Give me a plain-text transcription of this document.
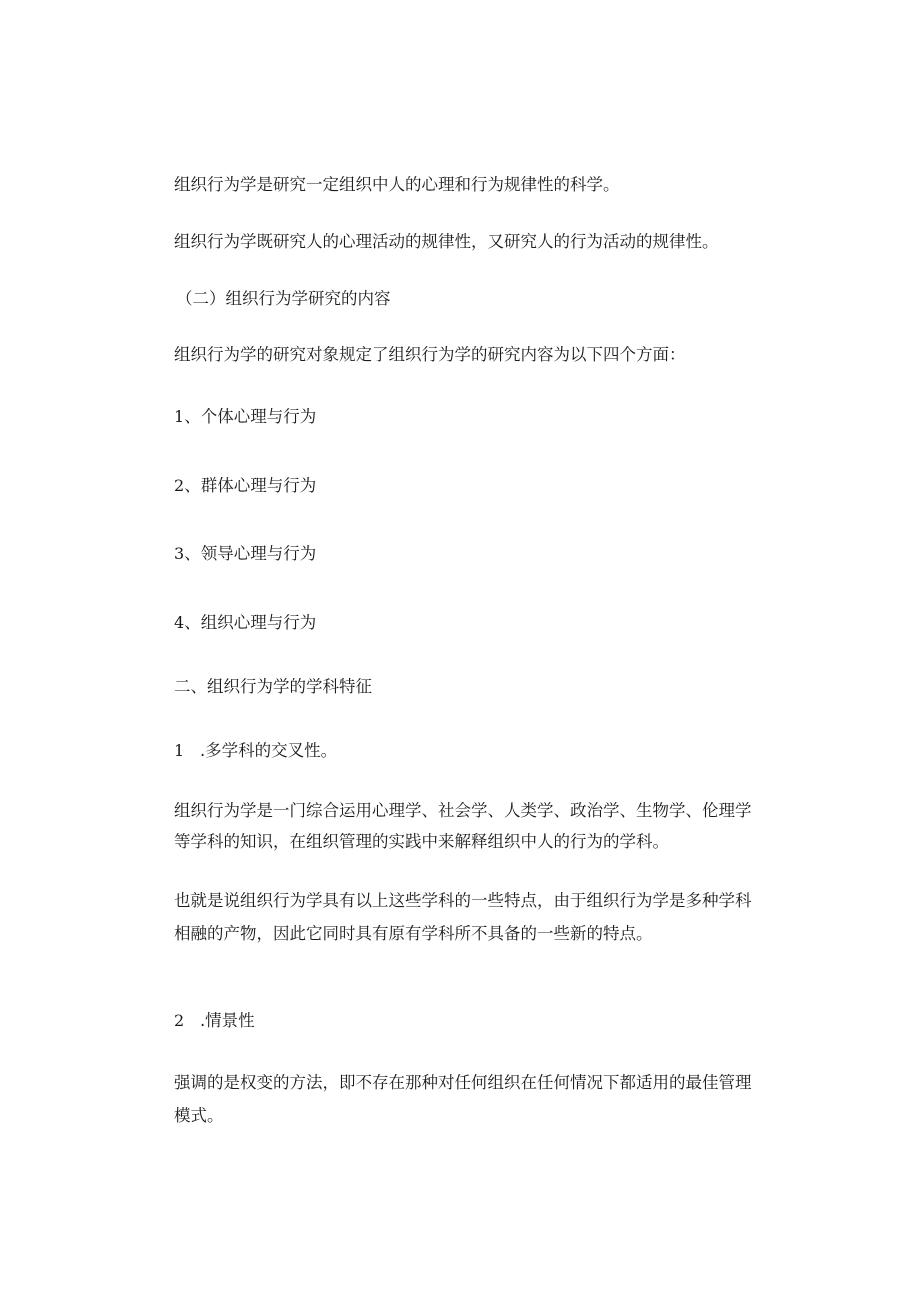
组织行为学是研究一定组织中人的心理和行为规律性的科学。

组织行为学既研究人的心理活动的规律性，又研究人的行为活动的规律性。

（二）组织行为学研究的内容

组织行为学的研究对象规定了组织行为学的研究内容为以下四个方面：

1、个体心理与行为

2、群体心理与行为

3、领导心理与行为

4、组织心理与行为

二、组织行为学的学科特征

1 .多学科的交叉性。

组织行为学是一门综合运用心理学、社会学、人类学、政治学、生物学、伦理学

等学科的知识，在组织管理的实践中来解释组织中人的行为的学科。

也就是说组织行为学具有以上这些学科的一些特点，由于组织行为学是多种学科

相融的产物，因此它同时具有原有学科所不具备的一些新的特点。

2 .情景性

强调的是权变的方法，即不存在那种对任何组织在任何情况下都适用的最佳管理

模式。
